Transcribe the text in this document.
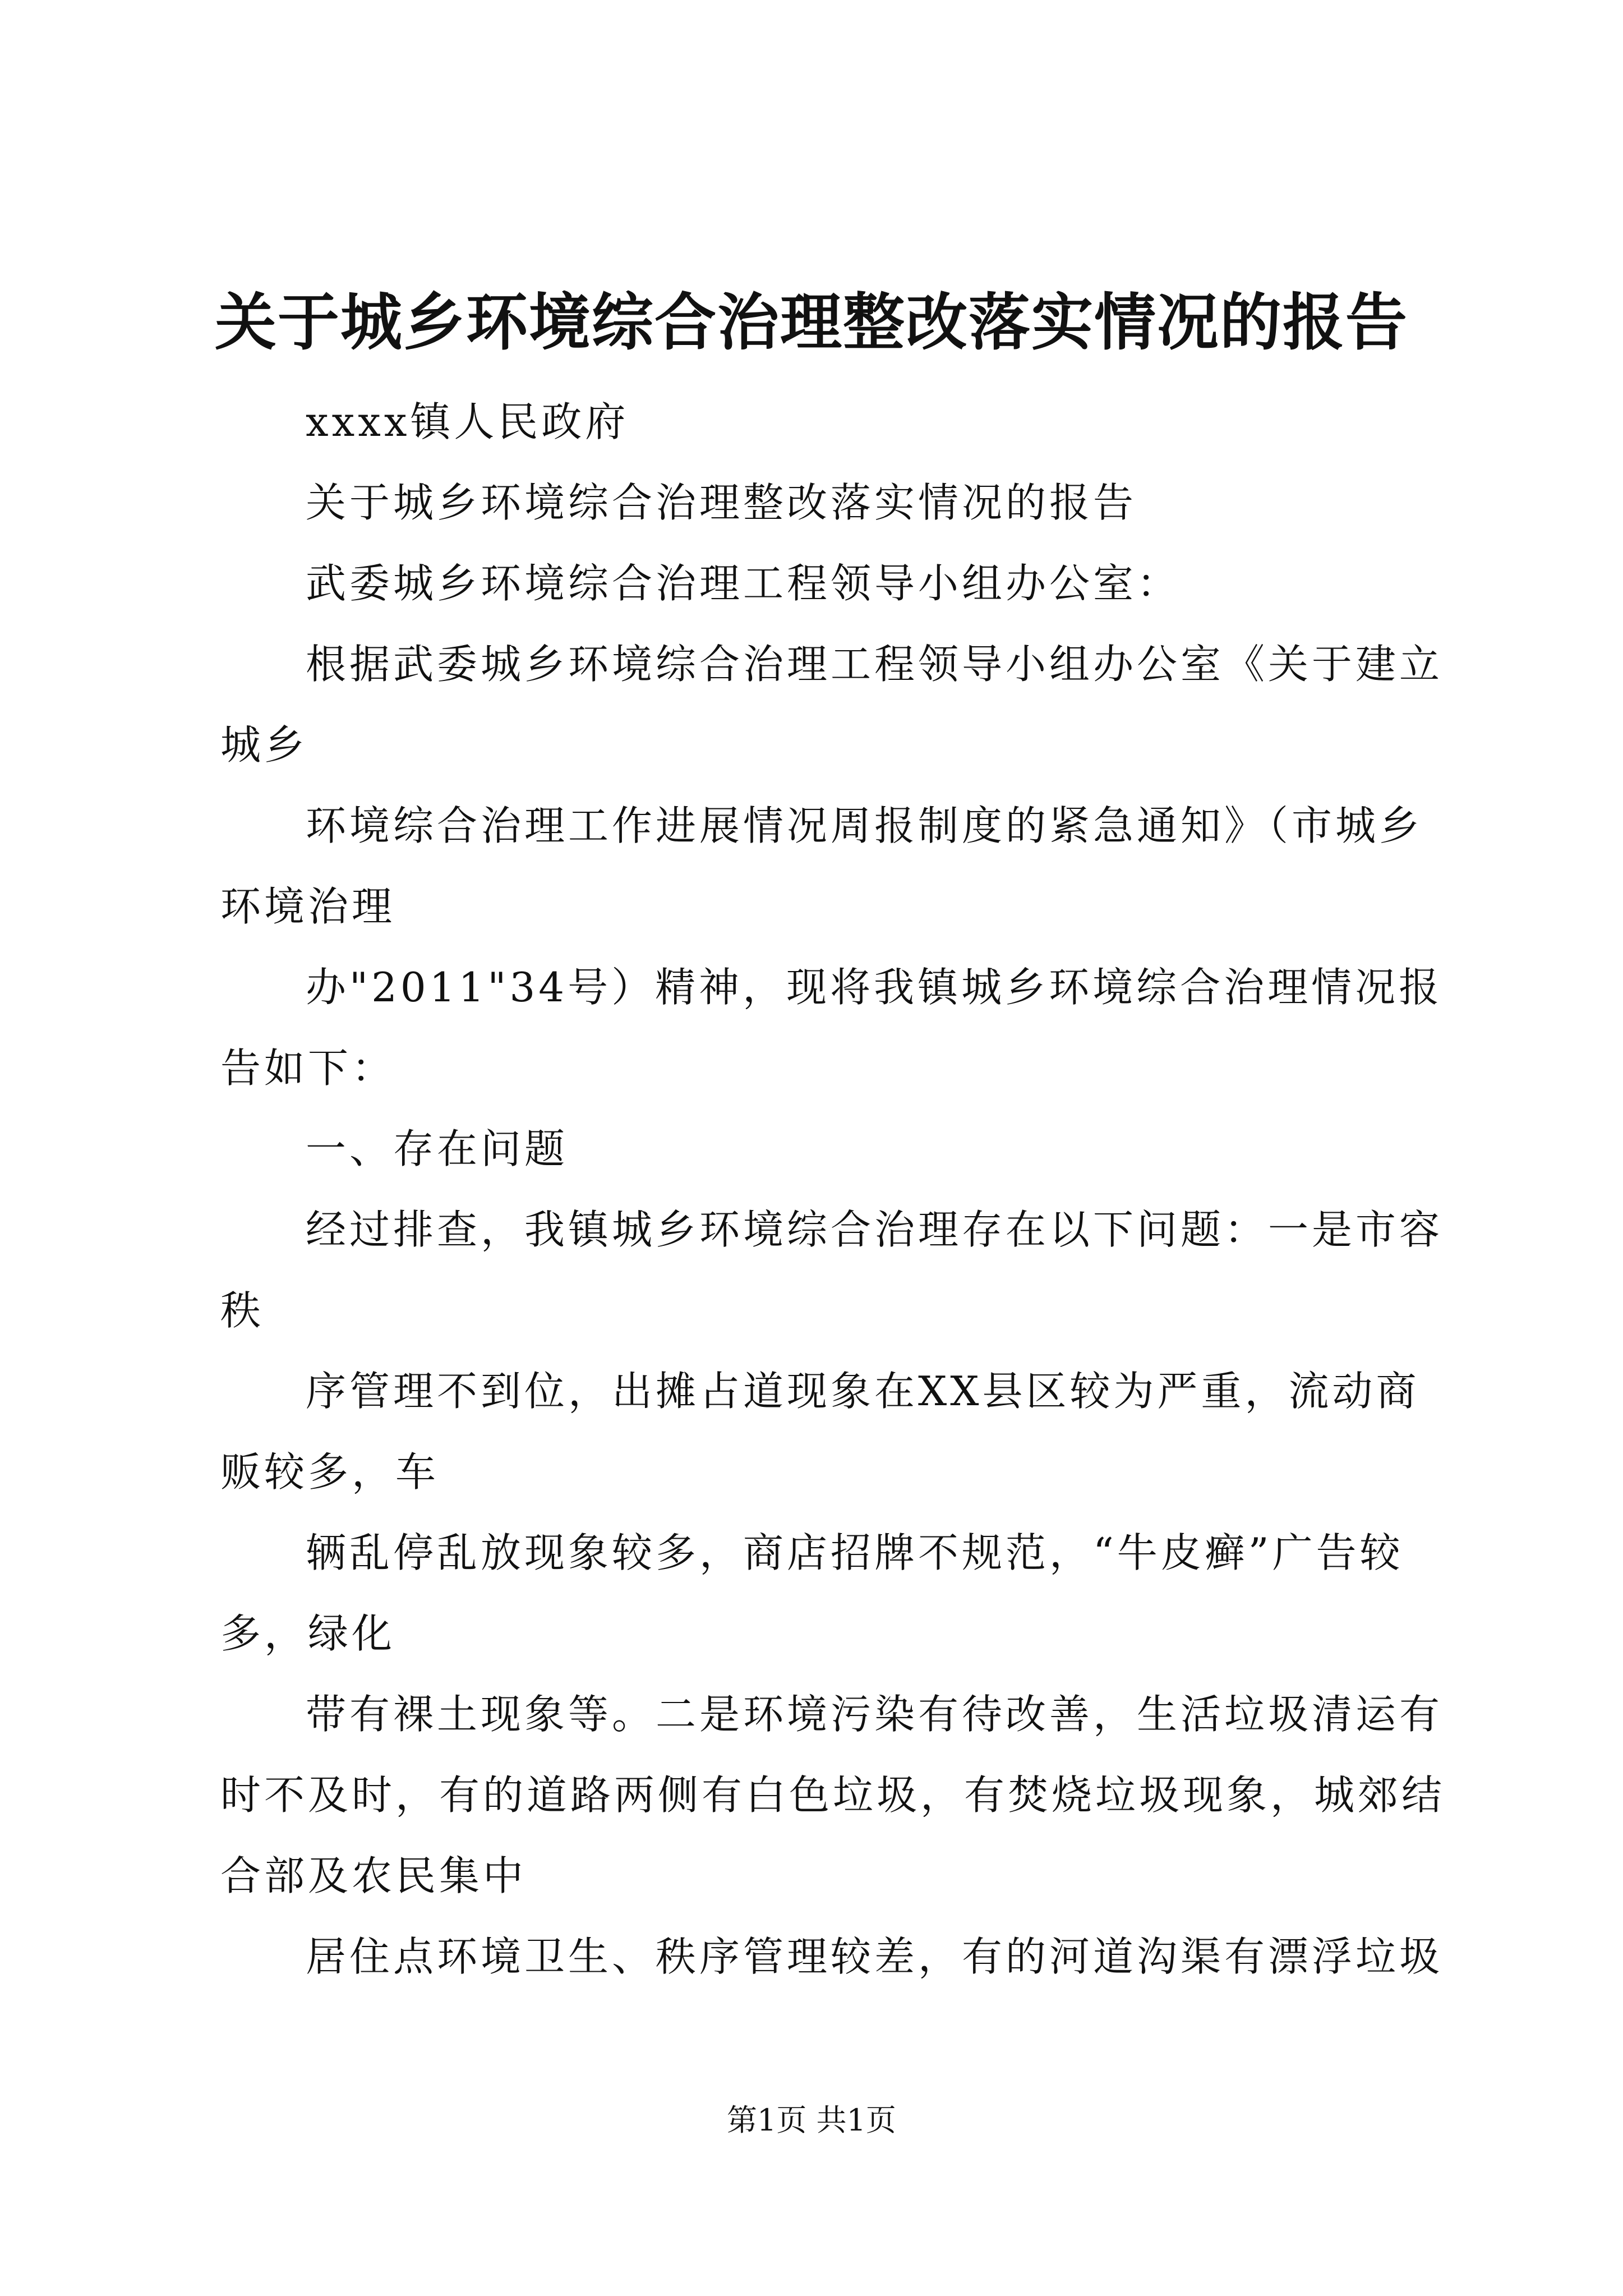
关于城乡环境综合治理整改落实情况的报告
xxxx镇人民政府
关于城乡环境综合治理整改落实情况的报告
武委城乡环境综合治理工程领导小组办公室：
根据武委城乡环境综合治理工程领导小组办公室《关于建立
城乡
环境综合治理工作进展情况周报制度的紧急通知》（市城乡
环境治理
办"2011"34号）精神，现将我镇城乡环境综合治理情况报
告如下：
一、存在问题
经过排查，我镇城乡环境综合治理存在以下问题：一是市容
秩
序管理不到位，出摊占道现象在XX县区较为严重，流动商
贩较多，车
辆乱停乱放现象较多，商店招牌不规范，“牛皮癣”广告较
多，绿化
带有裸土现象等。二是环境污染有待改善，生活垃圾清运有
时不及时，有的道路两侧有白色垃圾，有焚烧垃圾现象，城郊结
合部及农民集中
居住点环境卫生、秩序管理较差，有的河道沟渠有漂浮垃圾
第1页 共1页
